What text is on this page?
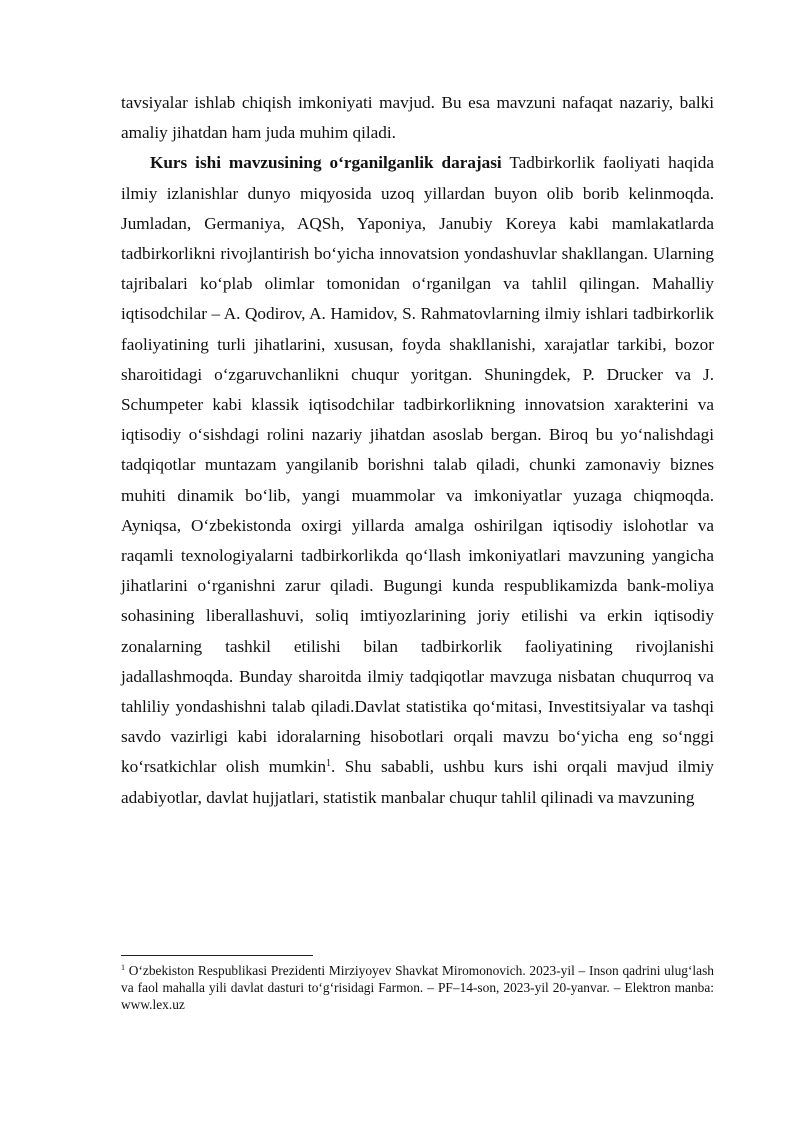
tavsiyalar ishlab chiqish imkoniyati mavjud. Bu esa mavzuni nafaqat nazariy, balki amaliy jihatdan ham juda muhim qiladi.

Kurs ishi mavzusining o‘rganilganlik darajasi Tadbirkorlik faoliyati haqida ilmiy izlanishlar dunyo miqyosida uzoq yillardan buyon olib borib kelinmoqda. Jumladan, Germaniya, AQSh, Yaponiya, Janubiy Koreya kabi mamlakatlarda tadbirkorlikni rivojlantirish bo‘yicha innovatsion yondashuvlar shakllangan. Ularning tajribalari ko‘plab olimlar tomonidan o‘rganilgan va tahlil qilingan. Mahalliy iqtisodchilar – A. Qodirov, A. Hamidov, S. Rahmatovlarning ilmiy ishlari tadbirkorlik faoliyatining turli jihatlarini, xususan, foyda shakllanishi, xarajatlar tarkibi, bozor sharoitidagi o‘zgaruvchanlikni chuqur yoritgan. Shuningdek, P. Drucker va J. Schumpeter kabi klassik iqtisodchilar tadbirkorlikning innovatsion xarakterini va iqtisodiy o‘sishdagi rolini nazariy jihatdan asoslab bergan. Biroq bu yo‘nalishdagi tadqiqotlar muntazam yangilanib borishni talab qiladi, chunki zamonaviy biznes muhiti dinamik bo‘lib, yangi muammolar va imkoniyatlar yuzaga chiqmoqda. Ayniqsa, O‘zbekistonda oxirgi yillarda amalga oshirilgan iqtisodiy islohotlar va raqamli texnologiyalarni tadbirkorlikda qo‘llash imkoniyatlari mavzuning yangicha jihatlarini o‘rganishni zarur qiladi. Bugungi kunda respublikamizda bank-moliya sohasining liberallashuvi, soliq imtiyozlarining joriy etilishi va erkin iqtisodiy zonalarning tashkil etilishi bilan tadbirkorlik faoliyatining rivojlanishi jadallashmoqda. Bunday sharoitda ilmiy tadqiqotlar mavzuga nisbatan chuqurroq va tahliliy yondashishni talab qiladi.Davlat statistika qo‘mitasi, Investitsiyalar va tashqi savdo vazirligi kabi idoralarning hisobotlari orqali mavzu bo‘yicha eng so‘nggi ko‘rsatkichlar olish mumkin$^1$. Shu sababli, ushbu kurs ishi orqali mavjud ilmiy adabiyotlar, davlat hujjatlari, statistik manbalar chuqur tahlil qilinadi va mavzuning

$^1$ O‘zbekiston Respublikasi Prezidenti Mirziyoyev Shavkat Miromonovich. 2023-yil – Inson qadrini ulug‘lash va faol mahalla yili davlat dasturi to‘g‘risidagi Farmon. – PF–14-son, 2023-yil 20-yanvar. – Elektron manba: www.lex.uz
